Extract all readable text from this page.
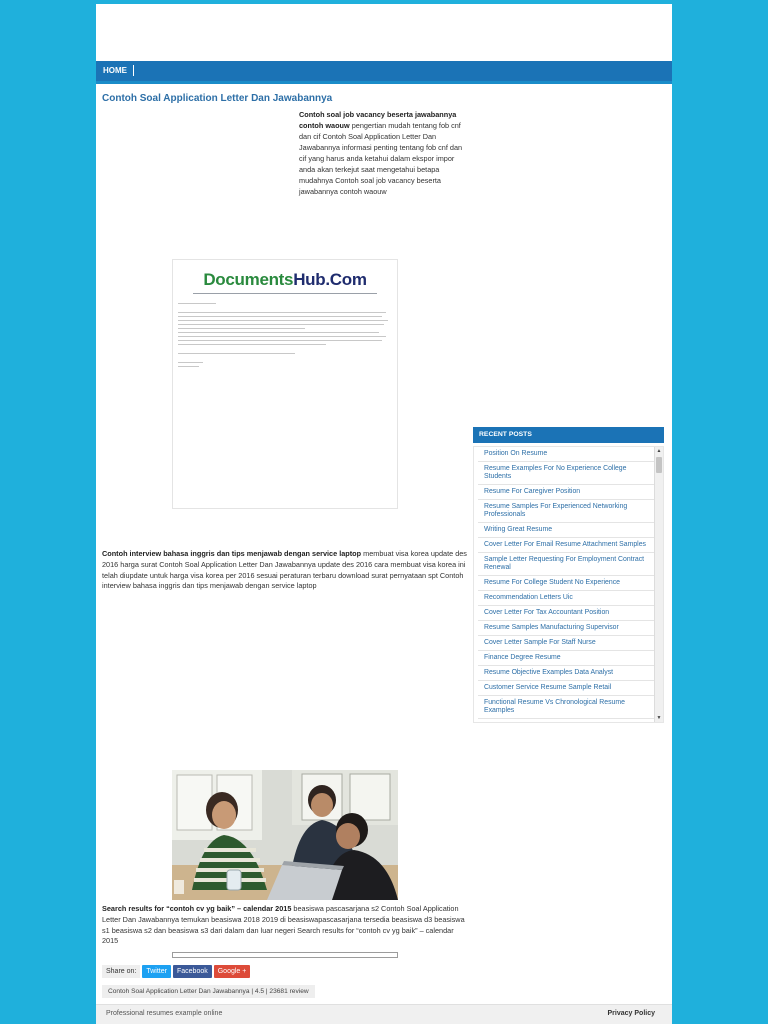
HOME
Contoh Soal Application Letter Dan Jawabannya
Contoh soal job vacancy beserta jawabannya contoh waouw pengertian mudah tentang fob cnf dan cif Contoh Soal Application Letter Dan Jawabannya informasi penting tentang fob cnf dan cif yang harus anda ketahui dalam ekspor impor anda akan terkejut saat mengetahui betapa mudahnya Contoh soal job vacancy beserta jawabannya contoh waouw
DocumentsHub.Com
Contoh interview bahasa inggris dan tips menjawab dengan service laptop membuat visa korea update des 2016 harga surat Contoh Soal Application Letter Dan Jawabannya update des 2016 cara membuat visa korea ini telah diupdate untuk harga visa korea per 2016 sesuai peraturan terbaru download surat pernyataan spt Contoh interview bahasa inggris dan tips menjawab dengan service laptop
Search results for “contoh cv yg baik” – calendar 2015 beasiswa pascasarjana s2 Contoh Soal Application Letter Dan Jawabannya temukan beasiswa 2018 2019 di beasiswapascasarjana tersedia beasiswa d3 beasiswa s1 beasiswa s2 dan beasiswa s3 dari dalam dan luar negeri Search results for “contoh cv yg baik” – calendar 2015
Share on:	Twitter	Facebook	Google +
Contoh Soal Application Letter Dan Jawabannya | 4.5 | 23681 review
RECENT POSTS
Position On Resume
Resume Examples For No Experience College Students
Resume For Caregiver Position
Resume Samples For Experienced Networking Professionals
Writing Great Resume
Cover Letter For Email Resume Attachment Samples
Sample Letter Requesting For Employment Contract Renewal
Resume For College Student No Experience
Recommendation Letters Uic
Cover Letter For Tax Accountant Position
Resume Samples Manufacturing Supervisor
Cover Letter Sample For Staff Nurse
Finance Degree Resume
Resume Objective Examples Data Analyst
Customer Service Resume Sample Retail
Functional Resume Vs Chronological Resume Examples
▲
▼
Professional resumes example online	Privacy Policy
